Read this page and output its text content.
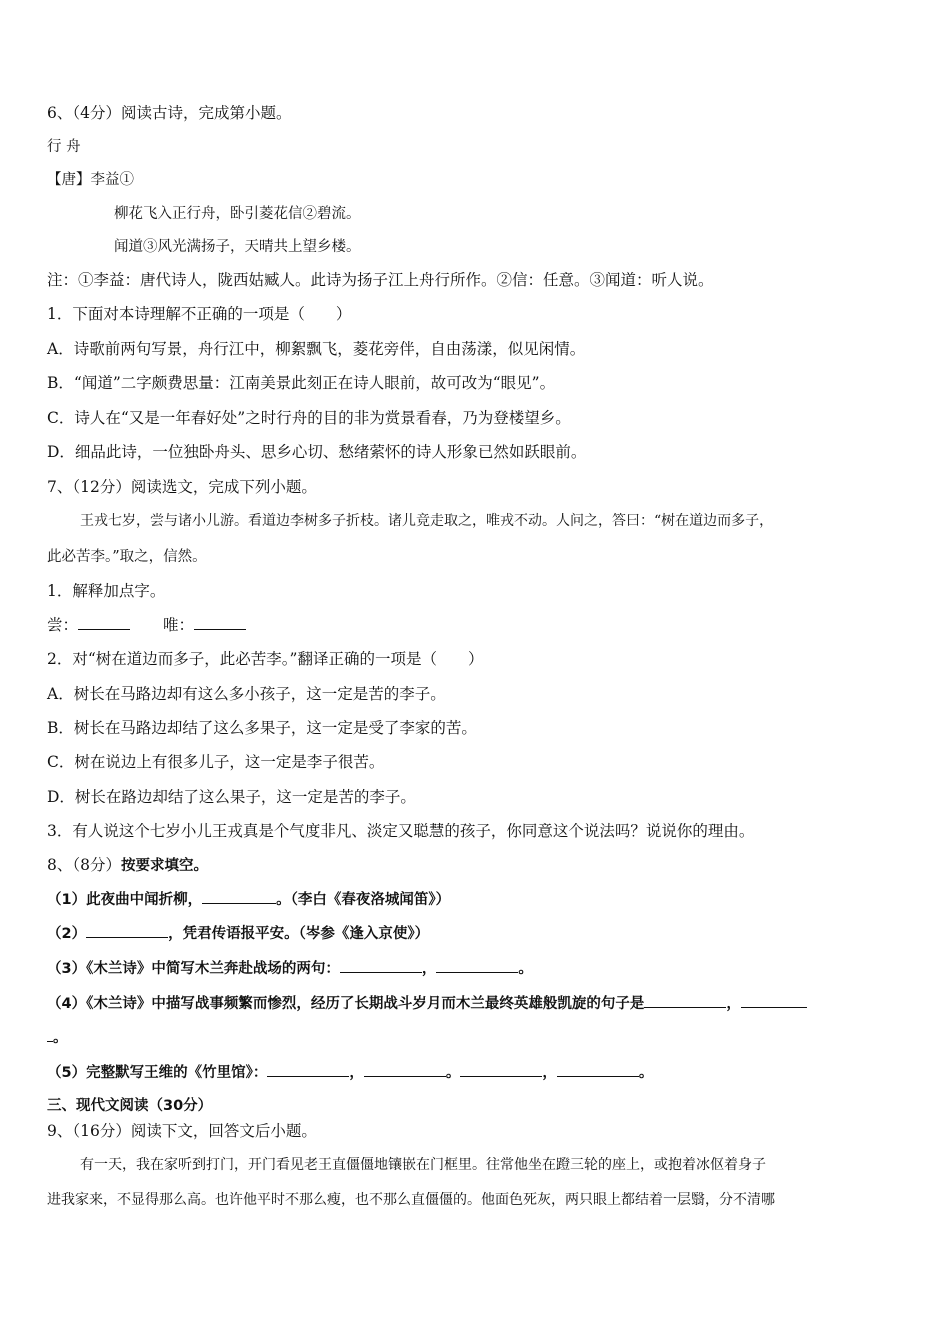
6、（4分）阅读古诗，完成第小题。
行 舟
【唐】李益①
柳花飞入正行舟，卧引菱花信②碧流。
闻道③风光满扬子，天晴共上望乡楼。
注：①李益：唐代诗人，陇西姑臧人。此诗为扬子江上舟行所作。②信：任意。③闻道：听人说。
1．下面对本诗理解不正确的一项是（　　）
A．诗歌前两句写景，舟行江中，柳絮飘飞，菱花旁伴，自由荡漾，似见闲情。
B．“闻道”二字颇费思量：江南美景此刻正在诗人眼前，故可改为“眼见”。
C．诗人在“又是一年春好处”之时行舟的目的非为赏景看春，乃为登楼望乡。
D．细品此诗，一位独卧舟头、思乡心切、愁绪萦怀的诗人形象已然如跃眼前。
7、（12分）阅读选文，完成下列小题。
王戎七岁，尝与诸小儿游。看道边李树多子折枝。诸儿竞走取之，唯戎不动。人问之，答曰：“树在道边而多子，
此必苦李。”取之，信然。
1．解释加点字。
尝：	唯：
2．对“树在道边而多子，此必苦李。”翻译正确的一项是（　　）
A．树长在马路边却有这么多小孩子，这一定是苦的李子。
B．树长在马路边却结了这么多果子，这一定是受了李家的苦。
C．树在说边上有很多儿子，这一定是李子很苦。
D．树长在路边却结了这么果子，这一定是苦的李子。
3．有人说这个七岁小儿王戎真是个气度非凡、淡定又聪慧的孩子，你同意这个说法吗？说说你的理由。
8、（8分）按要求填空。
（1）此夜曲中闻折柳，	。（李白《春夜洛城闻笛》）
（2）	，凭君传语报平安。（岑参《逢入京使》）
（3）《木兰诗》中简写木兰奔赴战场的两句：	，	。
（4）《木兰诗》中描写战事频繁而惨烈，经历了长期战斗岁月而木兰最终英雄般凯旋的句子是	，
。
（5）完整默写王维的《竹里馆》：	，	。	，	。
三、现代文阅读（30分）
9、（16分）阅读下文，回答文后小题。
有一天，我在家听到打门，开门看见老王直僵僵地镶嵌在门框里。往常他坐在蹬三轮的座上，或抱着冰伛着身子
进我家来，不显得那么高。也许他平时不那么瘦，也不那么直僵僵的。他面色死灰，两只眼上都结着一层翳，分不清哪
